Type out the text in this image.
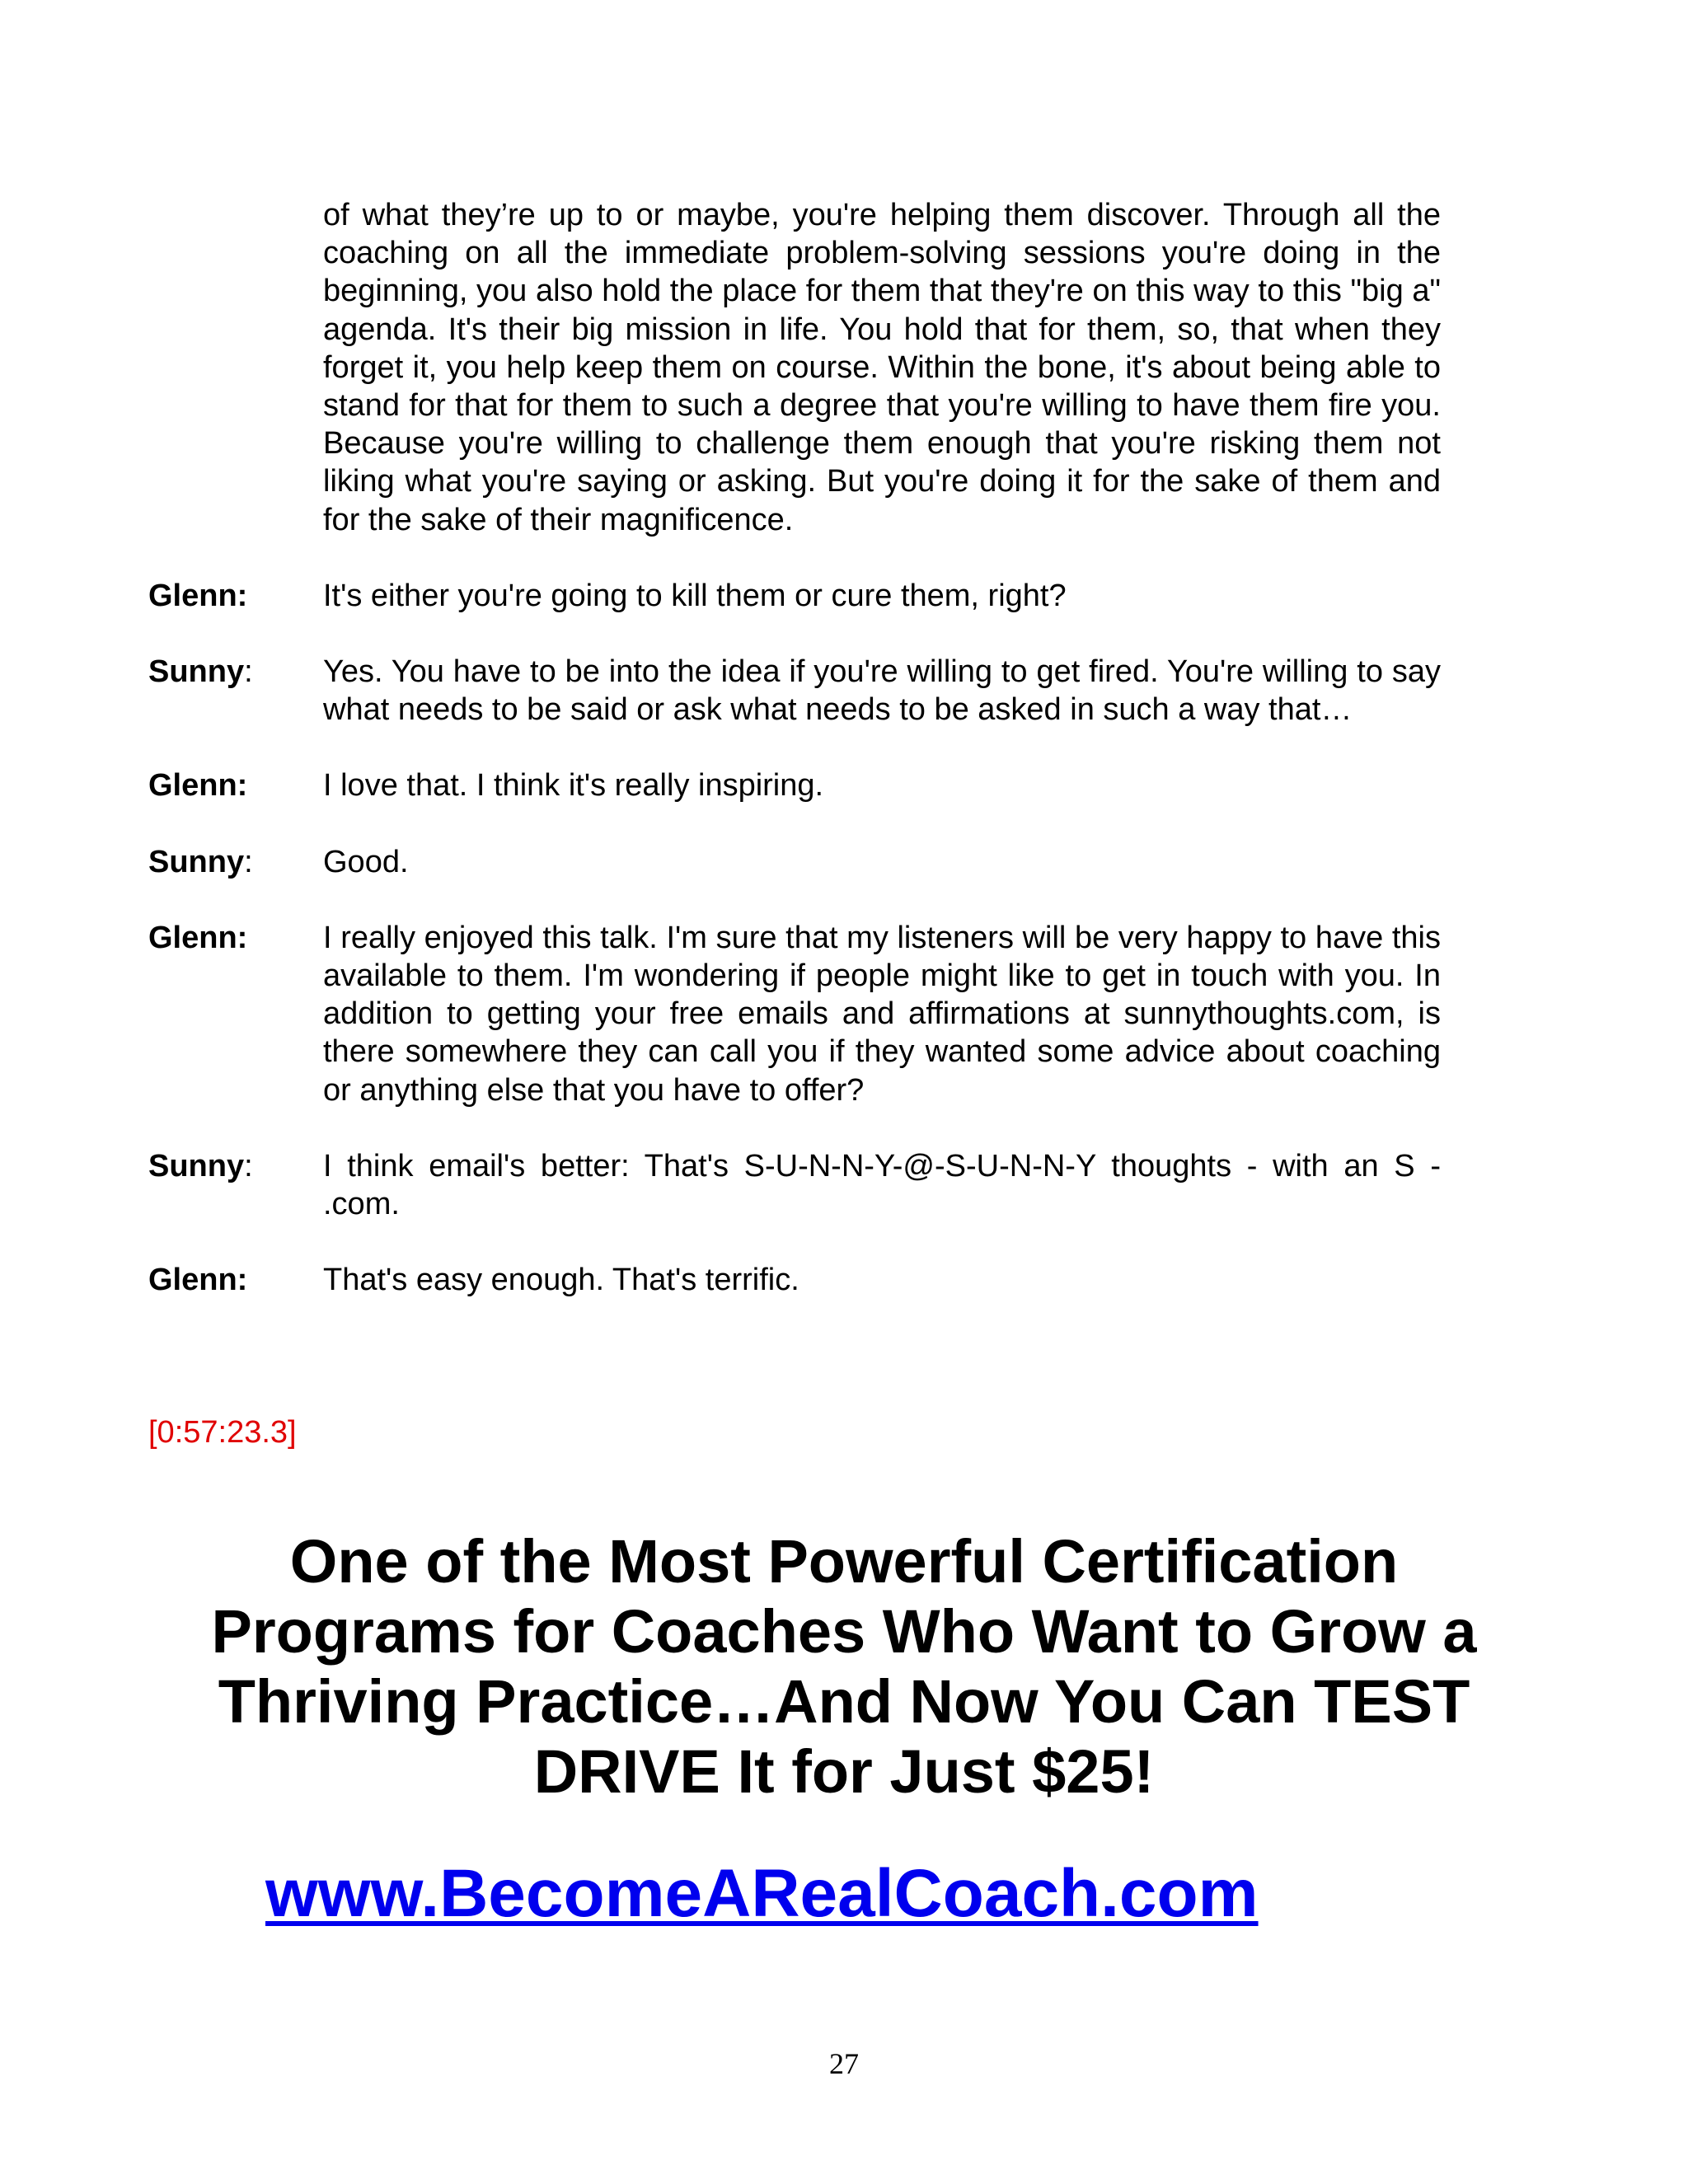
of what they’re up to or maybe, you're helping them discover. Through all the coaching on all the immediate problem-solving sessions you're doing in the beginning, you also hold the place for them that they're on this way to this "big a" agenda. It's their big mission in life. You hold that for them, so, that when they forget it, you help keep them on course. Within the bone, it's about being able to stand for that for them to such a degree that you're willing to have them fire you. Because you're willing to challenge them enough that you're risking them not liking what you're saying or asking. But you're doing it for the sake of them and for the sake of their magnificence.
Glenn:	It's either you're going to kill them or cure them, right?
Sunny:	Yes. You have to be into the idea if you're willing to get fired. You're willing to say what needs to be said or ask what needs to be asked in such a way that…
Glenn:	I love that. I think it's really inspiring.
Sunny:	Good.
Glenn:	I really enjoyed this talk. I'm sure that my listeners will be very happy to have this available to them. I'm wondering if people might like to get in touch with you. In addition to getting your free emails and affirmations at sunnythoughts.com, is there somewhere they can call you if they wanted some advice about coaching or anything else that you have to offer?
Sunny:	I think email's better: That's S-U-N-N-Y-@-S-U-N-N-Y thoughts - with an S - .com.
Glenn:	That's easy enough. That's terrific.
[0:57:23.3]
One of the Most Powerful Certification Programs for Coaches Who Want to Grow a Thriving Practice…And Now You Can TEST DRIVE It for Just $25!
www.BecomeARealCoach.com
27
